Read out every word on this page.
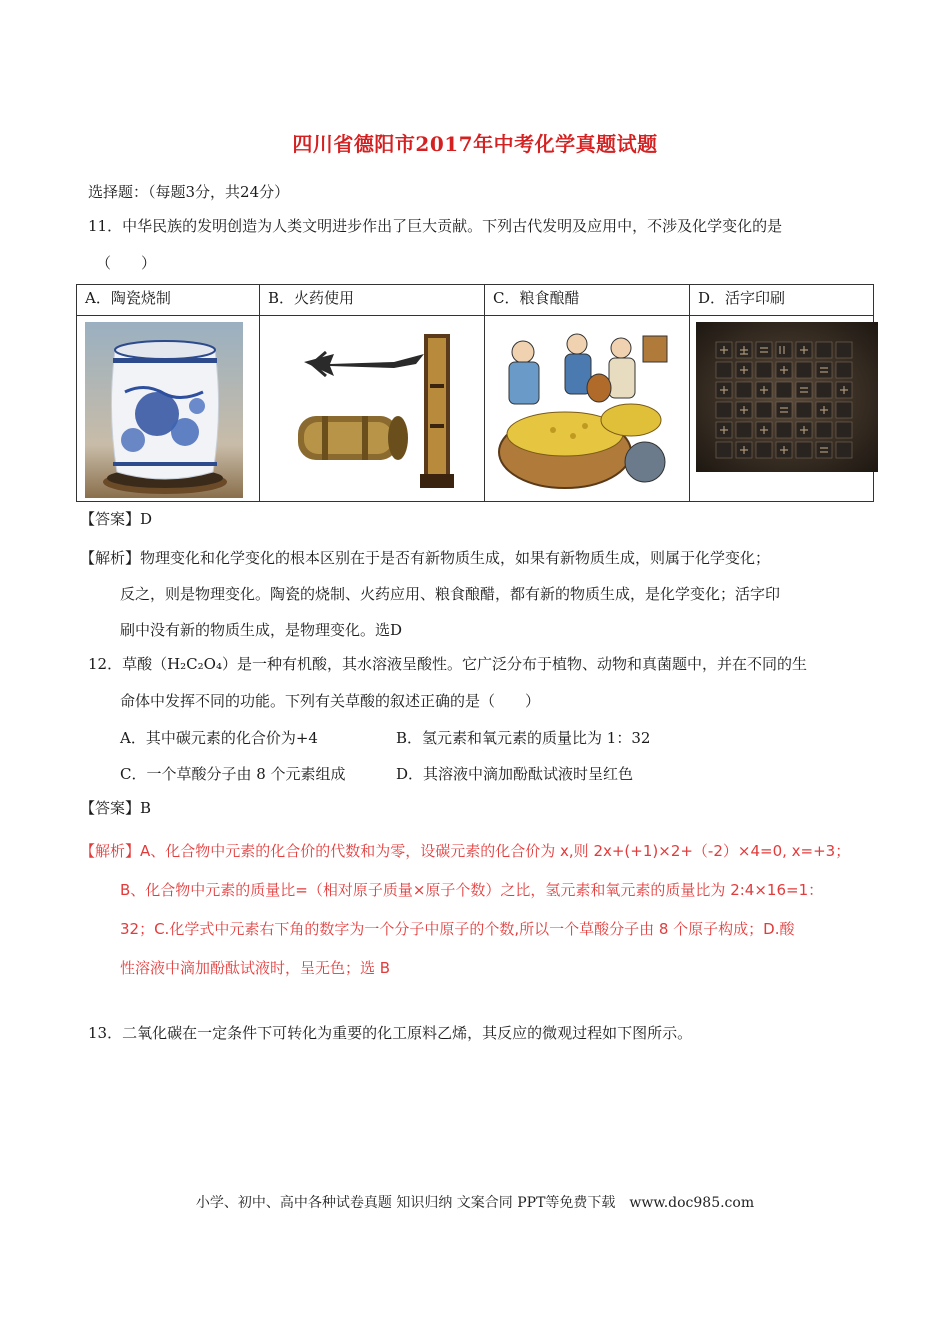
四川省德阳市2017年中考化学真题试题
选择题：（每题3分，共24分）
11．中华民族的发明创造为人类文明进步作出了巨大贡献。下列古代发明及应用中，不涉及化学变化的是
（　　）
A．陶瓷烧制	B．火药使用	C．粮食酿醋	D．活字印刷

【答案】D
【解析】物理变化和化学变化的根本区别在于是否有新物质生成，如果有新物质生成，则属于化学变化；
反之，则是物理变化。陶瓷的烧制、火药应用、粮食酿醋，都有新的物质生成，是化学变化；活字印
刷中没有新的物质生成，是物理变化。选D
12．草酸（H₂C₂O₄）是一种有机酸，其水溶液呈酸性。它广泛分布于植物、动物和真菌题中，并在不同的生
命体中发挥不同的功能。下列有关草酸的叙述正确的是（　　）
A．其中碳元素的化合价为+4	B．氢元素和氧元素的质量比为 1：32
C．一个草酸分子由 8 个元素组成	D．其溶液中滴加酚酞试液时呈红色
【答案】B
【解析】A、化合物中元素的化合价的代数和为零，设碳元素的化合价为 x,则 2x+(+1)×2+（-2）×4=0, x=+3；
B、化合物中元素的质量比=（相对原子质量×原子个数）之比，氢元素和氧元素的质量比为 2:4×16=1：
32；C.化学式中元素右下角的数字为一个分子中原子的个数,所以一个草酸分子由 8 个原子构成；D.酸
性溶液中滴加酚酞试液时，呈无色；选 B
13．二氧化碳在一定条件下可转化为重要的化工原料乙烯，其反应的微观过程如下图所示。
小学、初中、高中各种试卷真题 知识归纳 文案合同 PPT等免费下载　www.doc985.com
